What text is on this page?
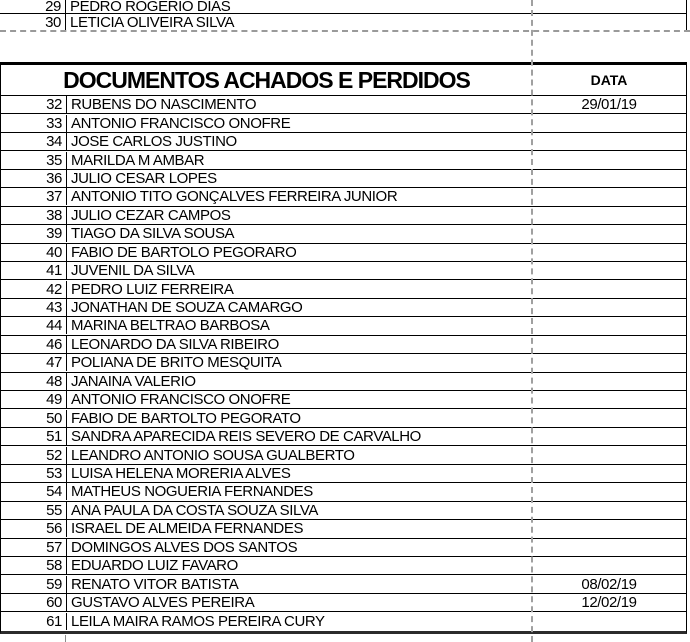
29 PEDRO ROGERIO DIAS
30 LETICIA OLIVEIRA SILVA
DOCUMENTOS ACHADOS E PERDIDOS	DATA
32 RUBENS DO NASCIMENTO	29/01/19
33 ANTONIO FRANCISCO ONOFRE
34 JOSE CARLOS JUSTINO
35 MARILDA M AMBAR
36 JULIO CESAR LOPES
37 ANTONIO TITO GONÇALVES FERREIRA JUNIOR
38 JULIO CEZAR CAMPOS
39 TIAGO DA SILVA SOUSA
40 FABIO DE BARTOLO PEGORARO
41 JUVENIL DA SILVA
42 PEDRO LUIZ FERREIRA
43 JONATHAN DE SOUZA CAMARGO
44 MARINA BELTRAO BARBOSA
46 LEONARDO DA SILVA RIBEIRO
47 POLIANA DE BRITO MESQUITA
48 JANAINA VALERIO
49 ANTONIO FRANCISCO ONOFRE
50 FABIO DE BARTOLTO PEGORATO
51 SANDRA APARECIDA REIS SEVERO DE CARVALHO
52 LEANDRO ANTONIO SOUSA GUALBERTO
53 LUISA HELENA MORERIA ALVES
54 MATHEUS NOGUERIA FERNANDES
55 ANA PAULA DA COSTA SOUZA SILVA
56 ISRAEL DE ALMEIDA FERNANDES
57 DOMINGOS ALVES DOS SANTOS
58 EDUARDO LUIZ FAVARO
59 RENATO VITOR BATISTA	08/02/19
60 GUSTAVO ALVES PEREIRA	12/02/19
61 LEILA MAIRA RAMOS PEREIRA CURY
